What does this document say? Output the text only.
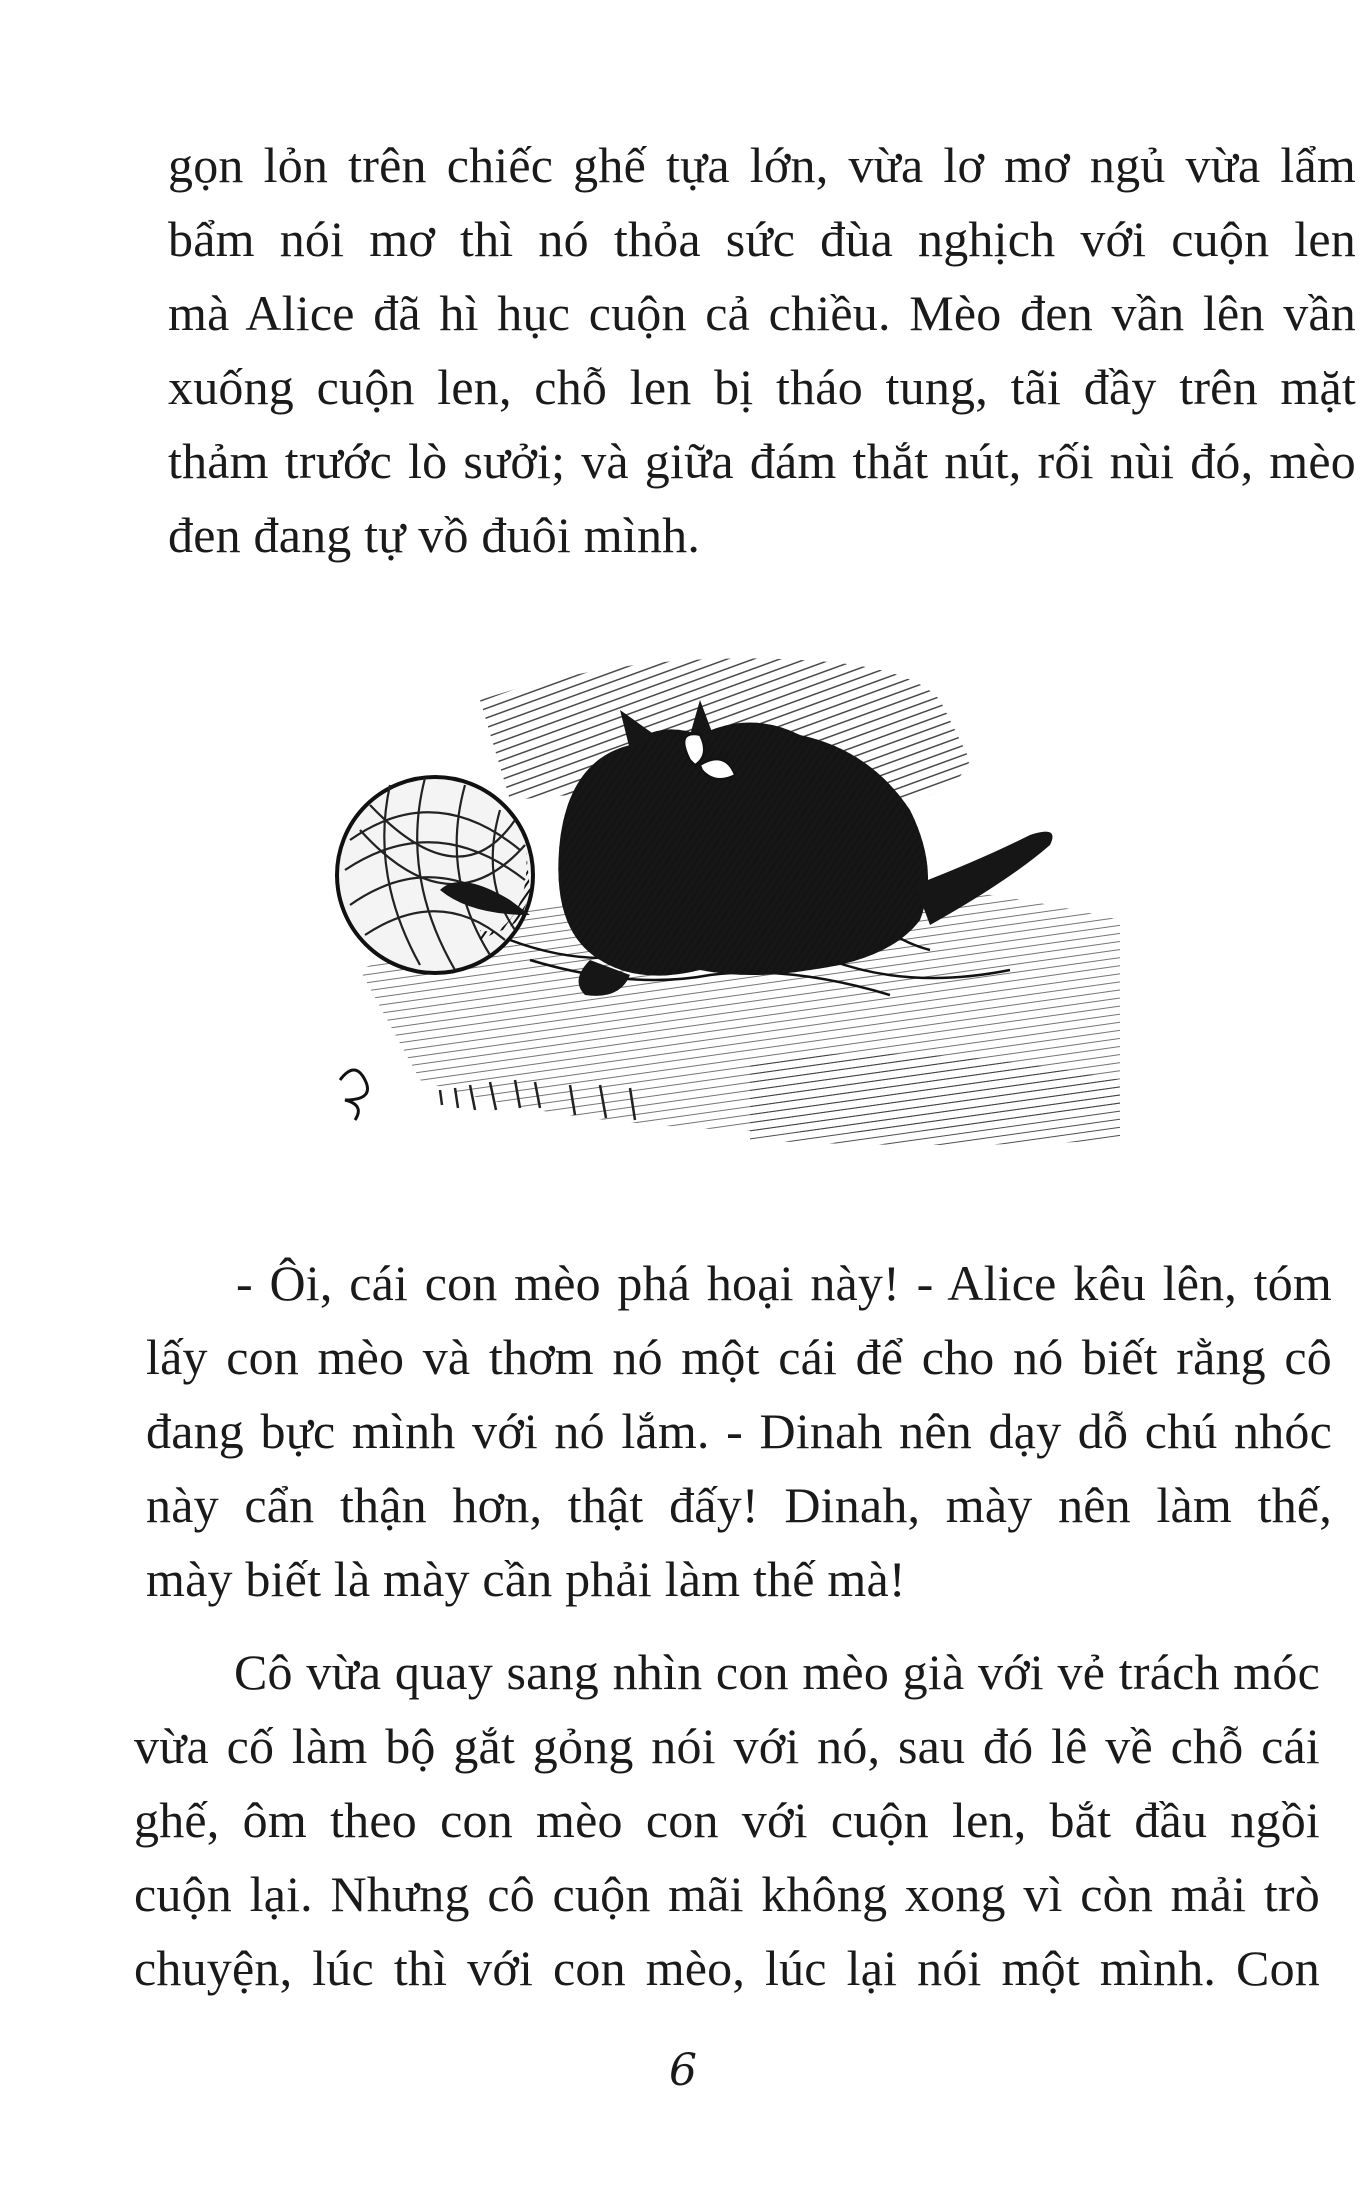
gọn lỏn trên chiếc ghế tựa lớn, vừa lơ mơ ngủ vừa lẩm
bẩm nói mơ thì nó thỏa sức đùa nghịch với cuộn len
mà Alice đã hì hục cuộn cả chiều. Mèo đen vần lên vần
xuống cuộn len, chỗ len bị tháo tung, tãi đầy trên mặt
thảm trước lò sưởi; và giữa đám thắt nút, rối nùi đó, mèo
đen đang tự vồ đuôi mình.
- Ôi, cái con mèo phá hoại này! - Alice kêu lên, tóm
lấy con mèo và thơm nó một cái để cho nó biết rằng cô
đang bực mình với nó lắm. - Dinah nên dạy dỗ chú nhóc
này cẩn thận hơn, thật đấy! Dinah, mày nên làm thế,
mày biết là mày cần phải làm thế mà!
Cô vừa quay sang nhìn con mèo già với vẻ trách móc
vừa cố làm bộ gắt gỏng nói với nó, sau đó lê về chỗ cái
ghế, ôm theo con mèo con với cuộn len, bắt đầu ngồi
cuộn lại. Nhưng cô cuộn mãi không xong vì còn mải trò
chuyện, lúc thì với con mèo, lúc lại nói một mình. Con
6
